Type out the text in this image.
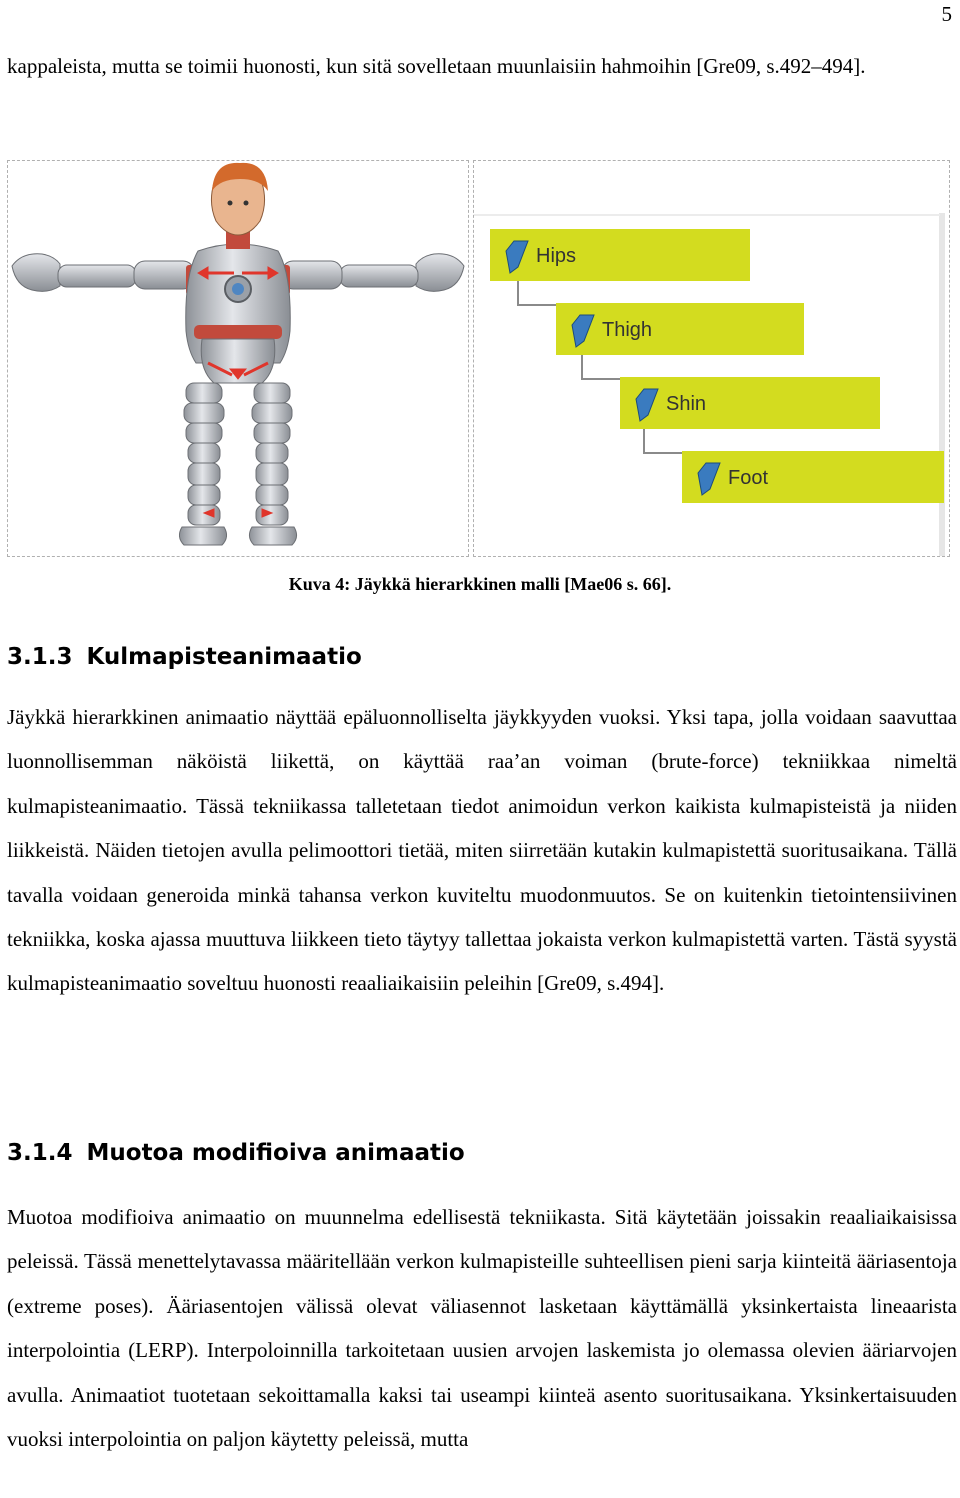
5

kappaleista, mutta se toimii huonosti, kun sitä sovelletaan muunlaisiin hahmoihin [Gre09, s.492–494].

Hips
Thigh
Shin
Foot
Kuva 4: Jäykkä hierarkkinen malli [Mae06 s. 66].
3.1.3 Kulmapisteanimaatio

Jäykkä hierarkkinen animaatio näyttää epäluonnolliselta jäykkyyden vuoksi. Yksi tapa, jolla voidaan saavuttaa luonnollisemman näköistä liikettä, on käyttää raa’an voiman (brute-force) tekniikkaa nimeltä kulmapisteanimaatio. Tässä tekniikassa talletetaan tiedot animoidun verkon kaikista kulmapisteistä ja niiden liikkeistä. Näiden tietojen avulla pelimoottori tietää, miten siirretään kutakin kulmapistettä suoritusaikana. Tällä tavalla voidaan generoida minkä tahansa verkon kuviteltu muodonmuutos. Se on kuitenkin tietointensiivinen tekniikka, koska ajassa muuttuva liikkeen tieto täytyy tallettaa jokaista verkon kulmapistettä varten. Tästä syystä kulmapisteanimaatio soveltuu huonosti reaaliaikaisiin peleihin [Gre09, s.494].

3.1.4 Muotoa modifioiva animaatio

Muotoa modifioiva animaatio on muunnelma edellisestä tekniikasta. Sitä käytetään joissakin reaaliaikaisissa peleissä. Tässä menettelytavassa määritellään verkon kulmapisteille suhteellisen pieni sarja kiinteitä ääriasentoja (extreme poses). Ääriasentojen välissä olevat väliasennot lasketaan käyttämällä yksinkertaista lineaarista interpolointia (LERP). Interpoloinnilla tarkoitetaan uusien arvojen laskemista jo olemassa olevien ääriarvojen avulla. Animaatiot tuotetaan sekoittamalla kaksi tai useampi kiinteä asento suoritusaikana. Yksinkertaisuuden vuoksi interpolointia on paljon käytetty peleissä, mutta
